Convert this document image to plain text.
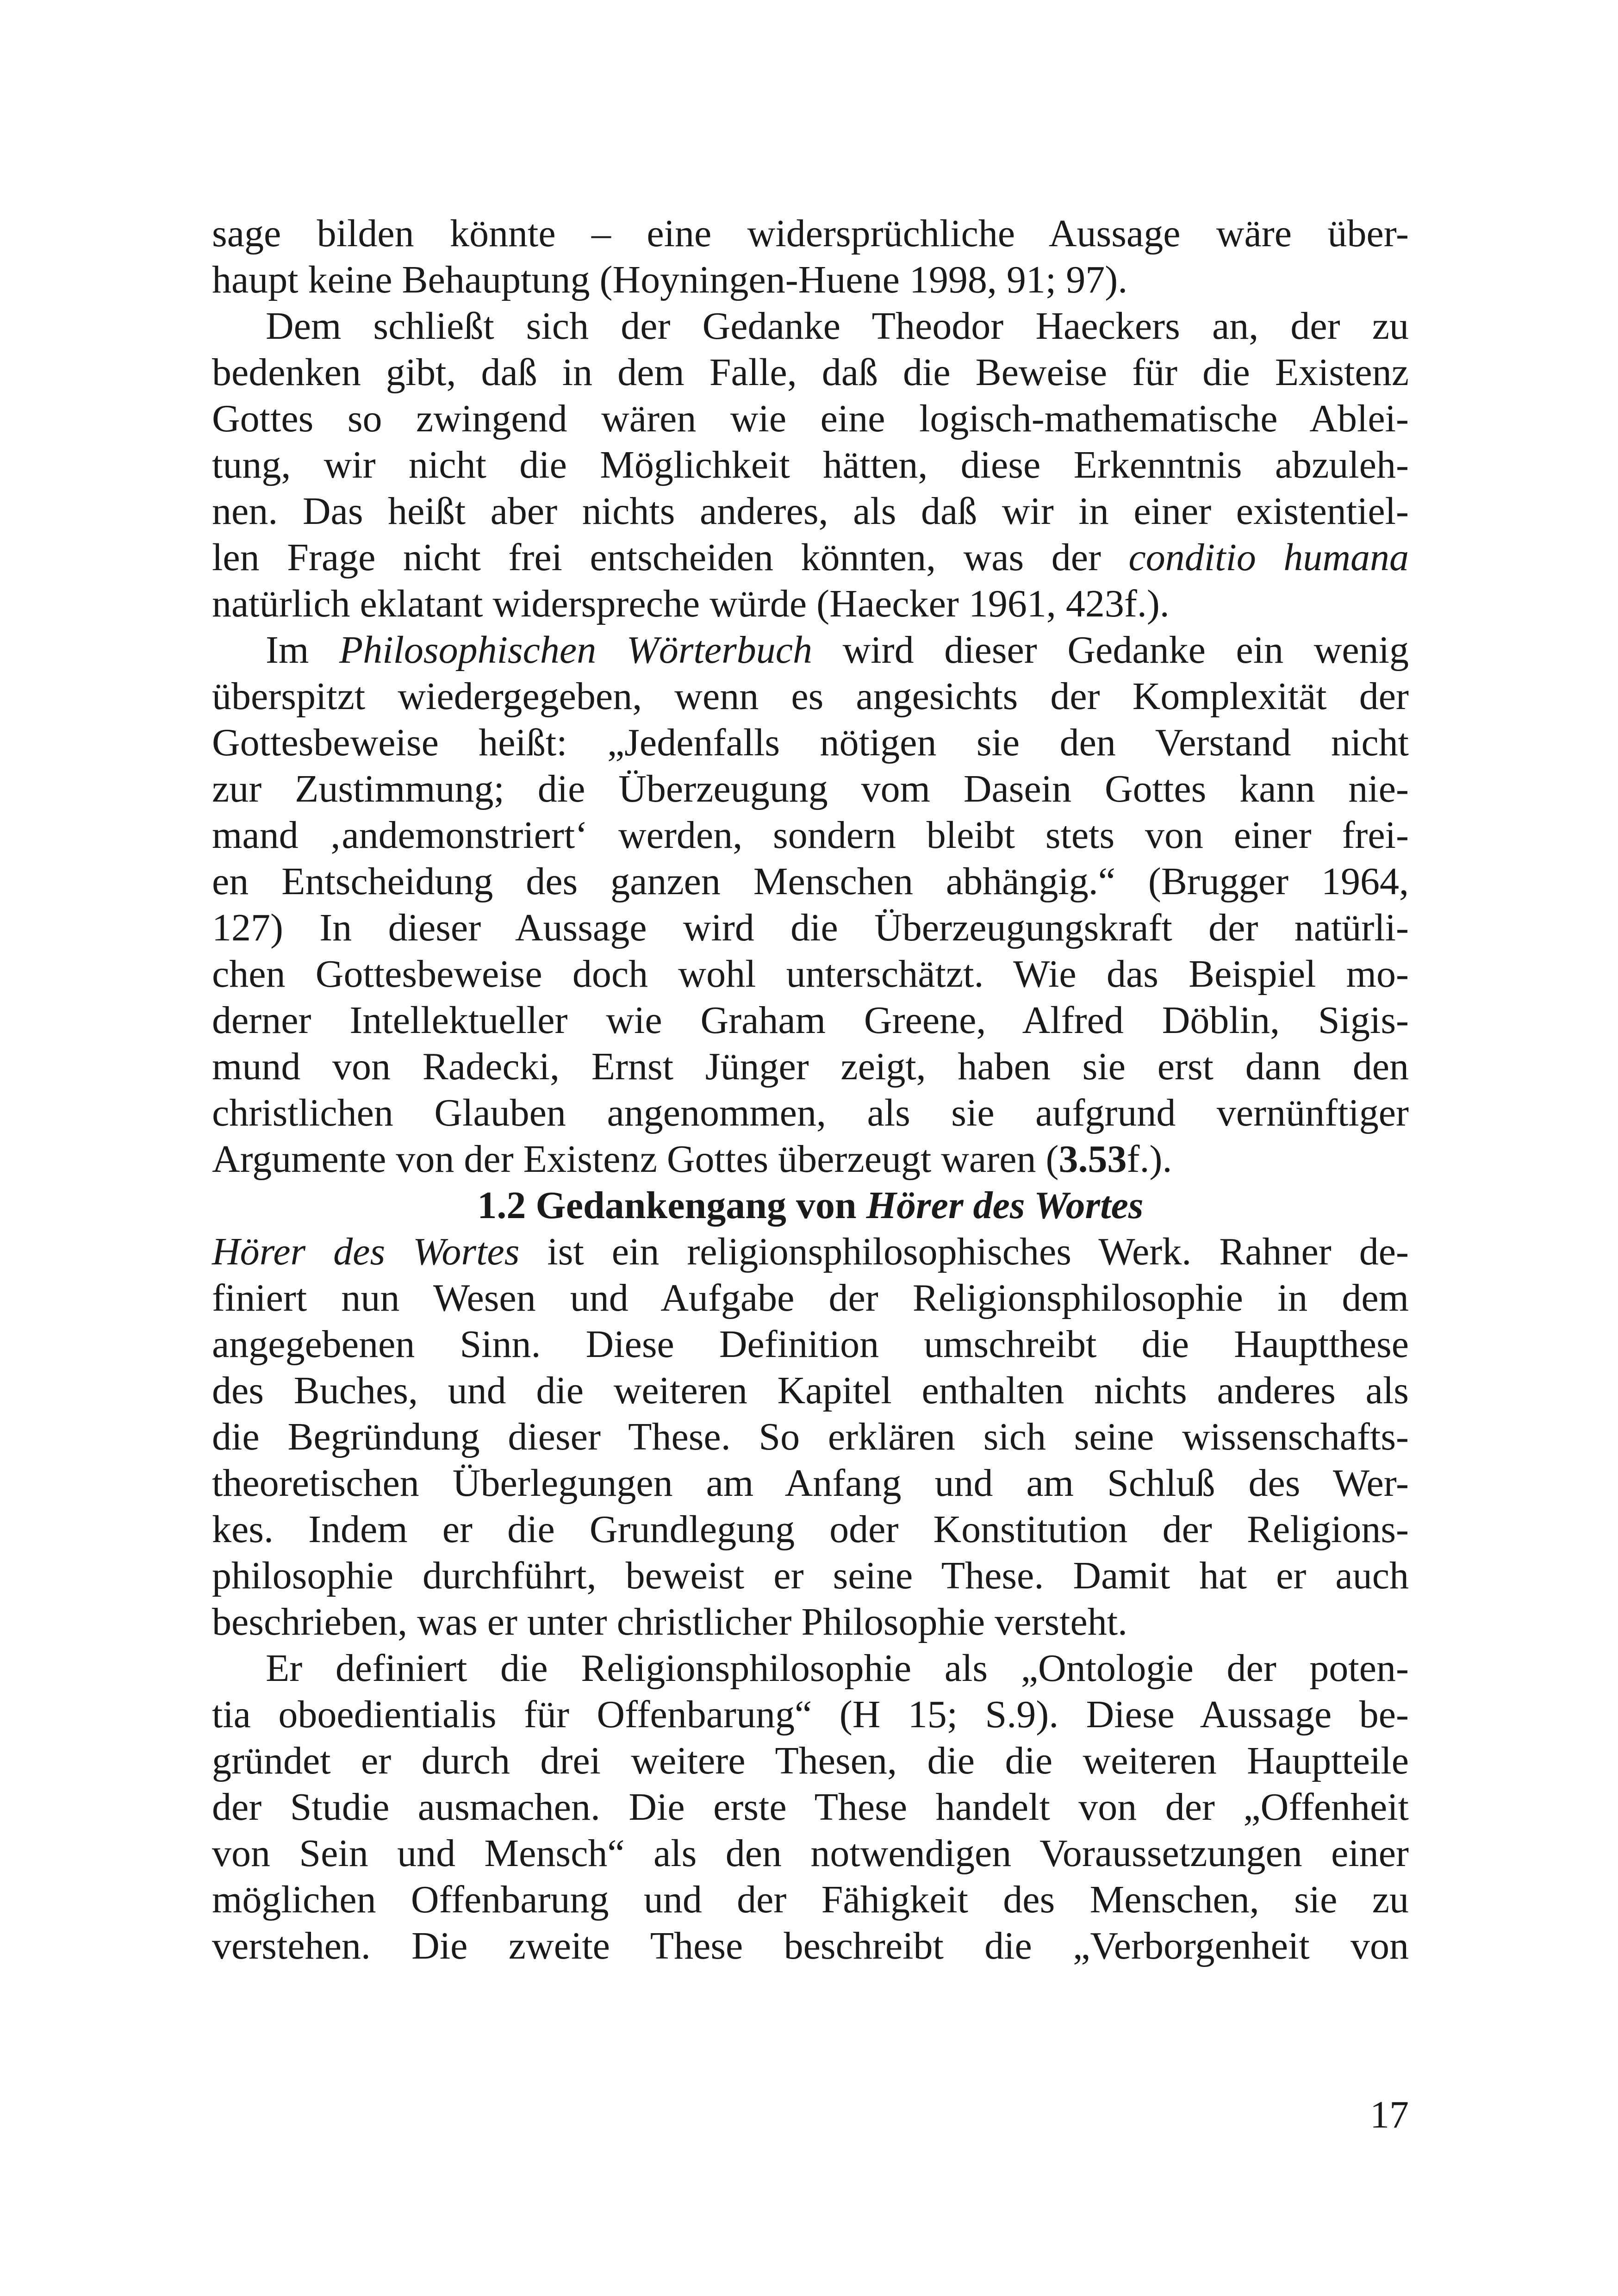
sage bilden könnte – eine widersprüchliche Aussage wäre über-
haupt keine Behauptung (Hoyningen-Huene 1998, 91; 97).
Dem schließt sich der Gedanke Theodor Haeckers an, der zu
bedenken gibt, daß in dem Falle, daß die Beweise für die Existenz
Gottes so zwingend wären wie eine logisch-mathematische Ablei-
tung, wir nicht die Möglichkeit hätten, diese Erkenntnis abzuleh-
nen. Das heißt aber nichts anderes, als daß wir in einer existentiel-
len Frage nicht frei entscheiden könnten, was der conditio humana
natürlich eklatant widerspreche würde (Haecker 1961, 423f.).
Im Philosophischen Wörterbuch wird dieser Gedanke ein wenig
überspitzt wiedergegeben, wenn es angesichts der Komplexität der
Gottesbeweise heißt: „Jedenfalls nötigen sie den Verstand nicht
zur Zustimmung; die Überzeugung vom Dasein Gottes kann nie-
mand ‚andemonstriert‘ werden, sondern bleibt stets von einer frei-
en Entscheidung des ganzen Menschen abhängig.“ (Brugger 1964,
127) In dieser Aussage wird die Überzeugungskraft der natürli-
chen Gottesbeweise doch wohl unterschätzt. Wie das Beispiel mo-
derner Intellektueller wie Graham Greene, Alfred Döblin, Sigis-
mund von Radecki, Ernst Jünger zeigt, haben sie erst dann den
christlichen Glauben angenommen, als sie aufgrund vernünftiger
Argumente von der Existenz Gottes überzeugt waren (3.53f.).
1.2 Gedankengang von Hörer des Wortes
Hörer des Wortes ist ein religionsphilosophisches Werk. Rahner de-
finiert nun Wesen und Aufgabe der Religionsphilosophie in dem
angegebenen Sinn. Diese Definition umschreibt die Hauptthese
des Buches, und die weiteren Kapitel enthalten nichts anderes als
die Begründung dieser These. So erklären sich seine wissenschafts-
theoretischen Überlegungen am Anfang und am Schluß des Wer-
kes. Indem er die Grundlegung oder Konstitution der Religions-
philosophie durchführt, beweist er seine These. Damit hat er auch
beschrieben, was er unter christlicher Philosophie versteht.
Er definiert die Religionsphilosophie als „Ontologie der poten-
tia oboedientialis für Offenbarung“ (H 15; S.9). Diese Aussage be-
gründet er durch drei weitere Thesen, die die weiteren Hauptteile
der Studie ausmachen. Die erste These handelt von der „Offenheit
von Sein und Mensch“ als den notwendigen Voraussetzungen einer
möglichen Offenbarung und der Fähigkeit des Menschen, sie zu
verstehen. Die zweite These beschreibt die „Verborgenheit von
17
